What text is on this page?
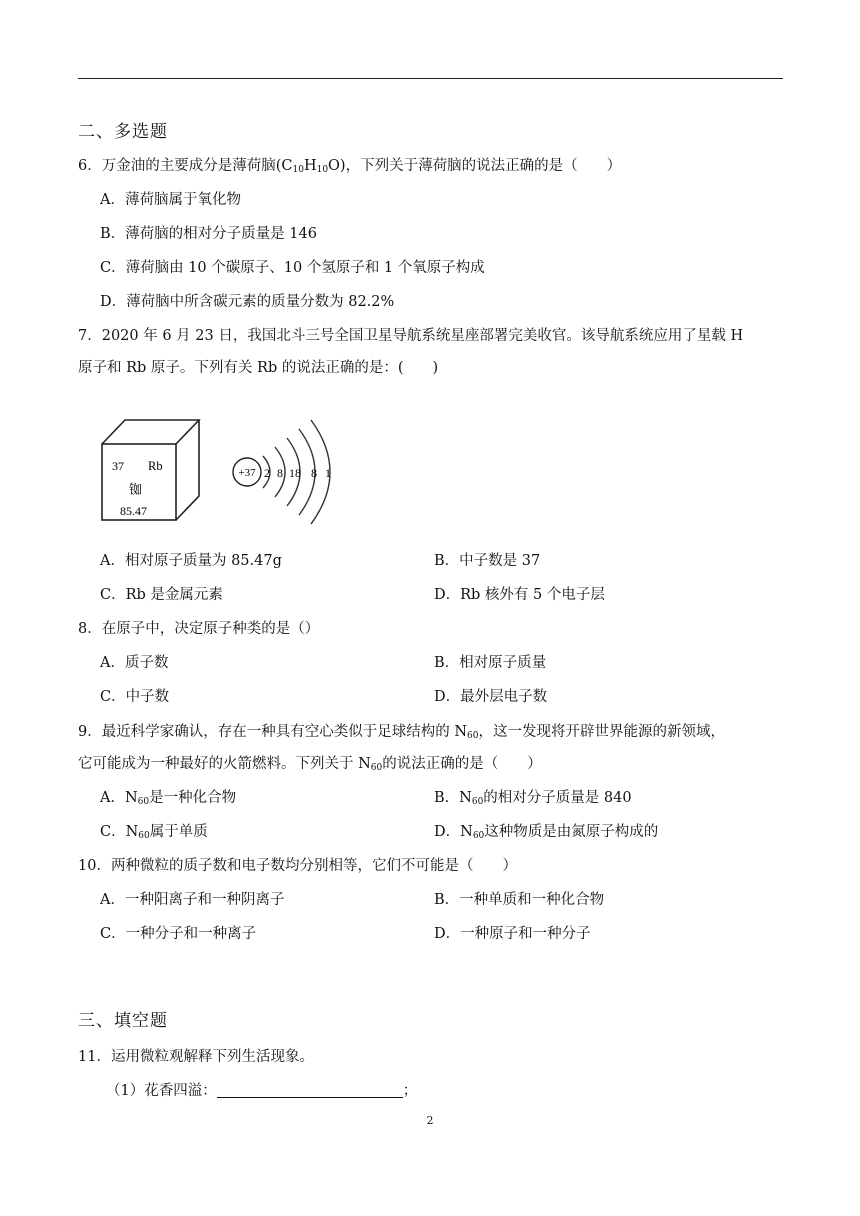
二、多选题
6．万金油的主要成分是薄荷脑$(C_{10}H_{10}O)$，下列关于薄荷脑的说法正确的是（　　）
A．薄荷脑属于氧化物
B．薄荷脑的相对分子质量是 146
C．薄荷脑由 10 个碳原子、10 个氢原子和 1 个氧原子构成
D．薄荷脑中所含碳元素的质量分数为 82.2%
7．2020 年 6 月 23 日，我国北斗三号全国卫星导航系统星座部署完美收官。该导航系统应用了星载 H
原子和 Rb 原子。下列有关 Rb 的说法正确的是：(　　)
37 Rb
铷
85.47
+37 2 8 18 8 1
A．相对原子质量为 85.47g	B．中子数是 37
C．Rb 是金属元素	D．Rb 核外有 5 个电子层
8．在原子中，决定原子种类的是（）
A．质子数	B．相对原子质量
C．中子数	D．最外层电子数
9．最近科学家确认，存在一种具有空心类似于足球结构的 $N_{60}$，这一发现将开辟世界能源的新领域，
它可能成为一种最好的火箭燃料。下列关于 $N_{60}$的说法正确的是（　　）
A．$N_{60}$是一种化合物	B．$N_{60}$的相对分子质量是 840
C．$N_{60}$属于单质	D．$N_{60}$这种物质是由氮原子构成的
10．两种微粒的质子数和电子数均分别相等，它们不可能是（　　）
A．一种阳离子和一种阴离子	B．一种单质和一种化合物
C．一种分子和一种离子	D．一种原子和一种分子
三、填空题
11．运用微粒观解释下列生活现象。
（1）花香四溢：	；
2
